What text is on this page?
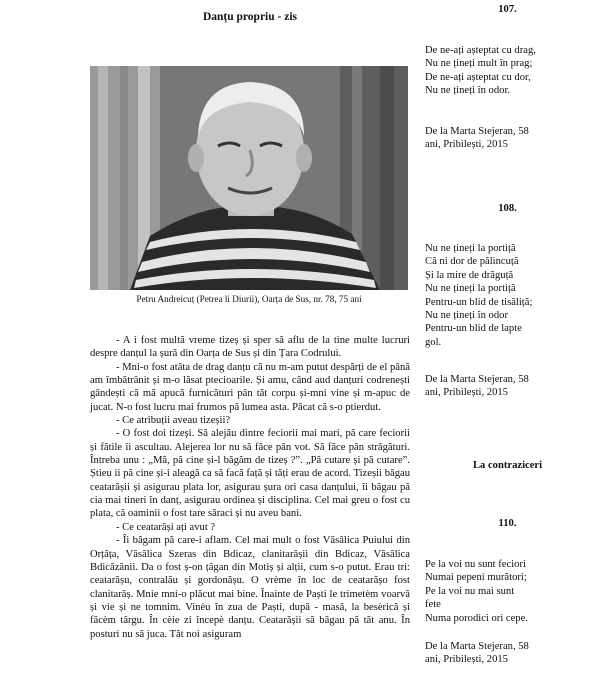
Danțu propriu - zis
Petru Andreicuț (Petrea li Diurii), Oarța de Sus, nr. 78, 75 ani

- A i fost multă vreme tizeș și sper să aflu de la tine multe lucruri despre danțul la șură din Oarța de Sus și din Țara Codrului.

- Mni-o fost atâta de drag danțu că nu m-am putut despărți de el până am îmbătrânit și m-o lăsat ptecioarile. Și amu, când aud danțuri codrenești gândești că mă apucă furnicături pân tăt corpu și-mni vine și m-apuc de jucat. N-o fost lucru mai frumos pă lumea asta. Păcat că s-o ptierdut.

- Ce atribuții aveau tizeșii?

- O fost doi tizeși. Să alejău dintre feciorii mai mari, pă care feciorii și fătile îi ascultau. Alejerea lor nu să făce pân vot. Să făce pân străgături. Întreba unu : „Mă, pă cine și-l băgăm de tizeș ?”. „Pă cutare și pă cutare”. Știeu ii pă cine și-i aleagă ca să facă față și tăți erau de acord. Tizeșii băgau ceatarășii și asigurau plata lor, asigurau șura ori casa danțului, îi băgau pă cia mai tineri în danț, asigurau ordinea și disciplina. Cel mai greu o fost cu plata, că oaminii o fost tare săraci și nu aveu bani.

- Ce ceatarăși ați avut ?

- Îi băgam pă care-i aflam. Cel mai mult o fost Văsâlica Puiului din Orțâța, Văsâlica Szeras din Bdicaz, clanitarășii din Bdicaz, Văsâlica Bdicăzănii. Da o fost ș-on țâgan din Motiș și alții, cum s-o putut. Erau tri: ceatarășu, contralău și gordonășu. O vrème în loc de ceatarășo fost clanitarăș. Mnie mni-o plăcut mai bine. Înainte de Paști le trimetèm voarvă și vie și ne tomnim. Vinèu în zua de Paști, după - masă, la besèrică și făcèm târgu. În cèie zi începè danțu. Ceatarășii să băgau pă tăt anu. În posturi nu să juca. Tăt noi asiguram

107.
De ne-ați așteptat cu drag,
Nu ne țineți mult în prag;
De ne-ați așteptat cu dor,
Nu ne țineți în odor.
De la Marta Stejeran, 58 ani, Pribilești, 2015
108.
Nu ne țineți la portiță
Că ni dor de pălincuță
Și la mire de drăguță
Nu ne țineți la portiță
Pentru-un blid de tisăliță;
Nu ne țineți în odor
Pentru-un blid de lapte
gol.
De la Marta Stejeran, 58 ani, Pribilești, 2015
La contraziceri
110.
Pe la voi nu sunt feciori
Numai pepeni murători;
Pe la voi nu mai sunt
fete
Numa porodici ori cepe.
De la Marta Stejeran, 58 ani, Pribilești, 2015
